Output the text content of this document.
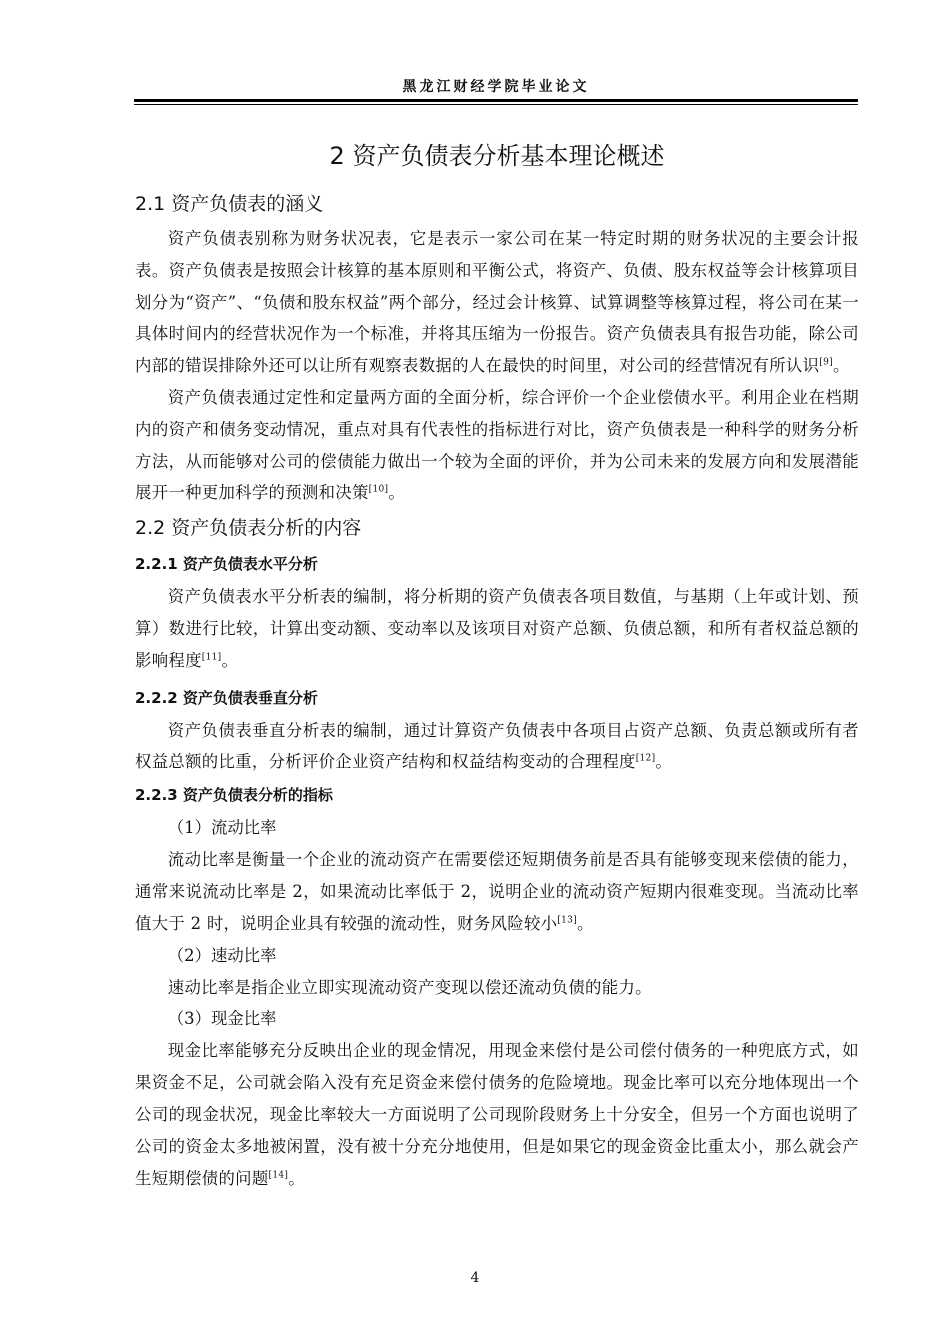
黑龙江财经学院毕业论文
2 资产负债表分析基本理论概述
2.1 资产负债表的涵义

资产负债表别称为财务状况表，它是表示一家公司在某一特定时期的财务状况的主要会计报表。资产负债表是按照会计核算的基本原则和平衡公式，将资产、负债、股东权益等会计核算项目划分为“资产”、“负债和股东权益”两个部分，经过会计核算、试算调整等核算过程，将公司在某一具体时间内的经营状况作为一个标准，并将其压缩为一份报告。资产负债表具有报告功能，除公司内部的错误排除外还可以让所有观察表数据的人在最快的时间里，对公司的经营情况有所认识[9]。

资产负债表通过定性和定量两方面的全面分析，综合评价一个企业偿债水平。利用企业在档期内的资产和债务变动情况，重点对具有代表性的指标进行对比，资产负债表是一种科学的财务分析方法，从而能够对公司的偿债能力做出一个较为全面的评价，并为公司未来的发展方向和发展潜能展开一种更加科学的预测和决策[10]。

2.2 资产负债表分析的内容
2.2.1 资产负债表水平分析

资产负债表水平分析表的编制，将分析期的资产负债表各项目数值，与基期（上年或计划、预算）数进行比较，计算出变动额、变动率以及该项目对资产总额、负债总额，和所有者权益总额的影响程度[11]。

2.2.2 资产负债表垂直分析

资产负债表垂直分析表的编制，通过计算资产负债表中各项目占资产总额、负责总额或所有者权益总额的比重，分析评价企业资产结构和权益结构变动的合理程度[12]。

2.2.3 资产负债表分析的指标

（1）流动比率

流动比率是衡量一个企业的流动资产在需要偿还短期债务前是否具有能够变现来偿债的能力，通常来说流动比率是 2，如果流动比率低于 2，说明企业的流动资产短期内很难变现。当流动比率值大于 2 时，说明企业具有较强的流动性，财务风险较小[13]。

（2）速动比率

速动比率是指企业立即实现流动资产变现以偿还流动负债的能力。

（3）现金比率

现金比率能够充分反映出企业的现金情况，用现金来偿付是公司偿付债务的一种兜底方式，如果资金不足，公司就会陷入没有充足资金来偿付债务的危险境地。现金比率可以充分地体现出一个公司的现金状况，现金比率较大一方面说明了公司现阶段财务上十分安全，但另一个方面也说明了公司的资金太多地被闲置，没有被十分充分地使用，但是如果它的现金资金比重太小，那么就会产生短期偿债的问题[14]。

4
